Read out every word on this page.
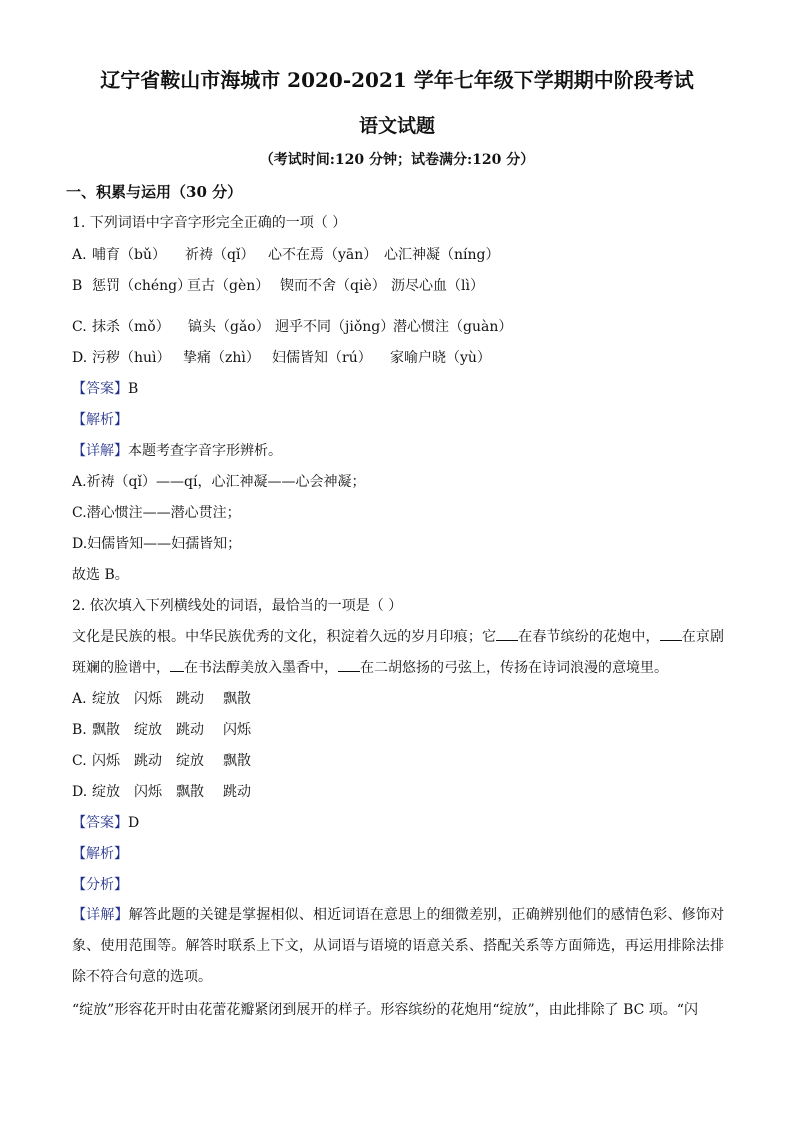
辽宁省鞍山市海城市 2020-2021 学年七年级下学期期中阶段考试
语文试题
（考试时间:120 分钟；试卷满分:120 分）
一、积累与运用（30 分）
1. 下列词语中字音字形完全正确的一项（ ）
A. 哺育（bǔ） 祈祷（qǐ） 心不在焉（yān） 心汇神凝（níng）
B 惩罚（chéng）
亘古（gèn） 锲而不舍（qiè） 沥尽心血（lì）
C. 抹杀（mǒ） 镐头（gǎo） 迥乎不同（jiǒng）
潜心惯注（guàn）
D. 污秽（huì） 挚痛（zhì） 妇儒皆知（rú） 家喻户晓（yù）
【答案】B
【解析】
【详解】本题考查字音字形辨析。
A.祈祷（qǐ）——qí，心汇神凝——心会神凝；
C.潜心惯注——潜心贯注；
D.妇儒皆知——妇孺皆知；
故选 B。
2. 依次填入下列横线处的词语，最恰当的一项是（ ）
文化是民族的根。中华民族优秀的文化，积淀着久远的岁月印痕；它 在春节缤纷的花炮中， 在京剧斑斓的脸谱中， 在书法醇美放入墨香中， 在二胡悠扬的弓弦上，传扬在诗词浪漫的意境里。
A. 绽放 闪烁 跳动 飘散
B. 飘散 绽放 跳动 闪烁
C. 闪烁 跳动 绽放 飘散
D. 绽放 闪烁 飘散 跳动
【答案】D
【解析】
【分析】
【详解】解答此题的关键是掌握相似、相近词语在意思上的细微差别，正确辨别他们的感情色彩、修饰对象、使用范围等。解答时联系上下文，从词语与语境的语意关系、搭配关系等方面筛选，再运用排除法排除不符合句意的选项。
“绽放”形容花开时由花蕾花瓣紧闭到展开的样子。形容缤纷的花炮用“绽放”，由此排除了 BC 项。“闪
